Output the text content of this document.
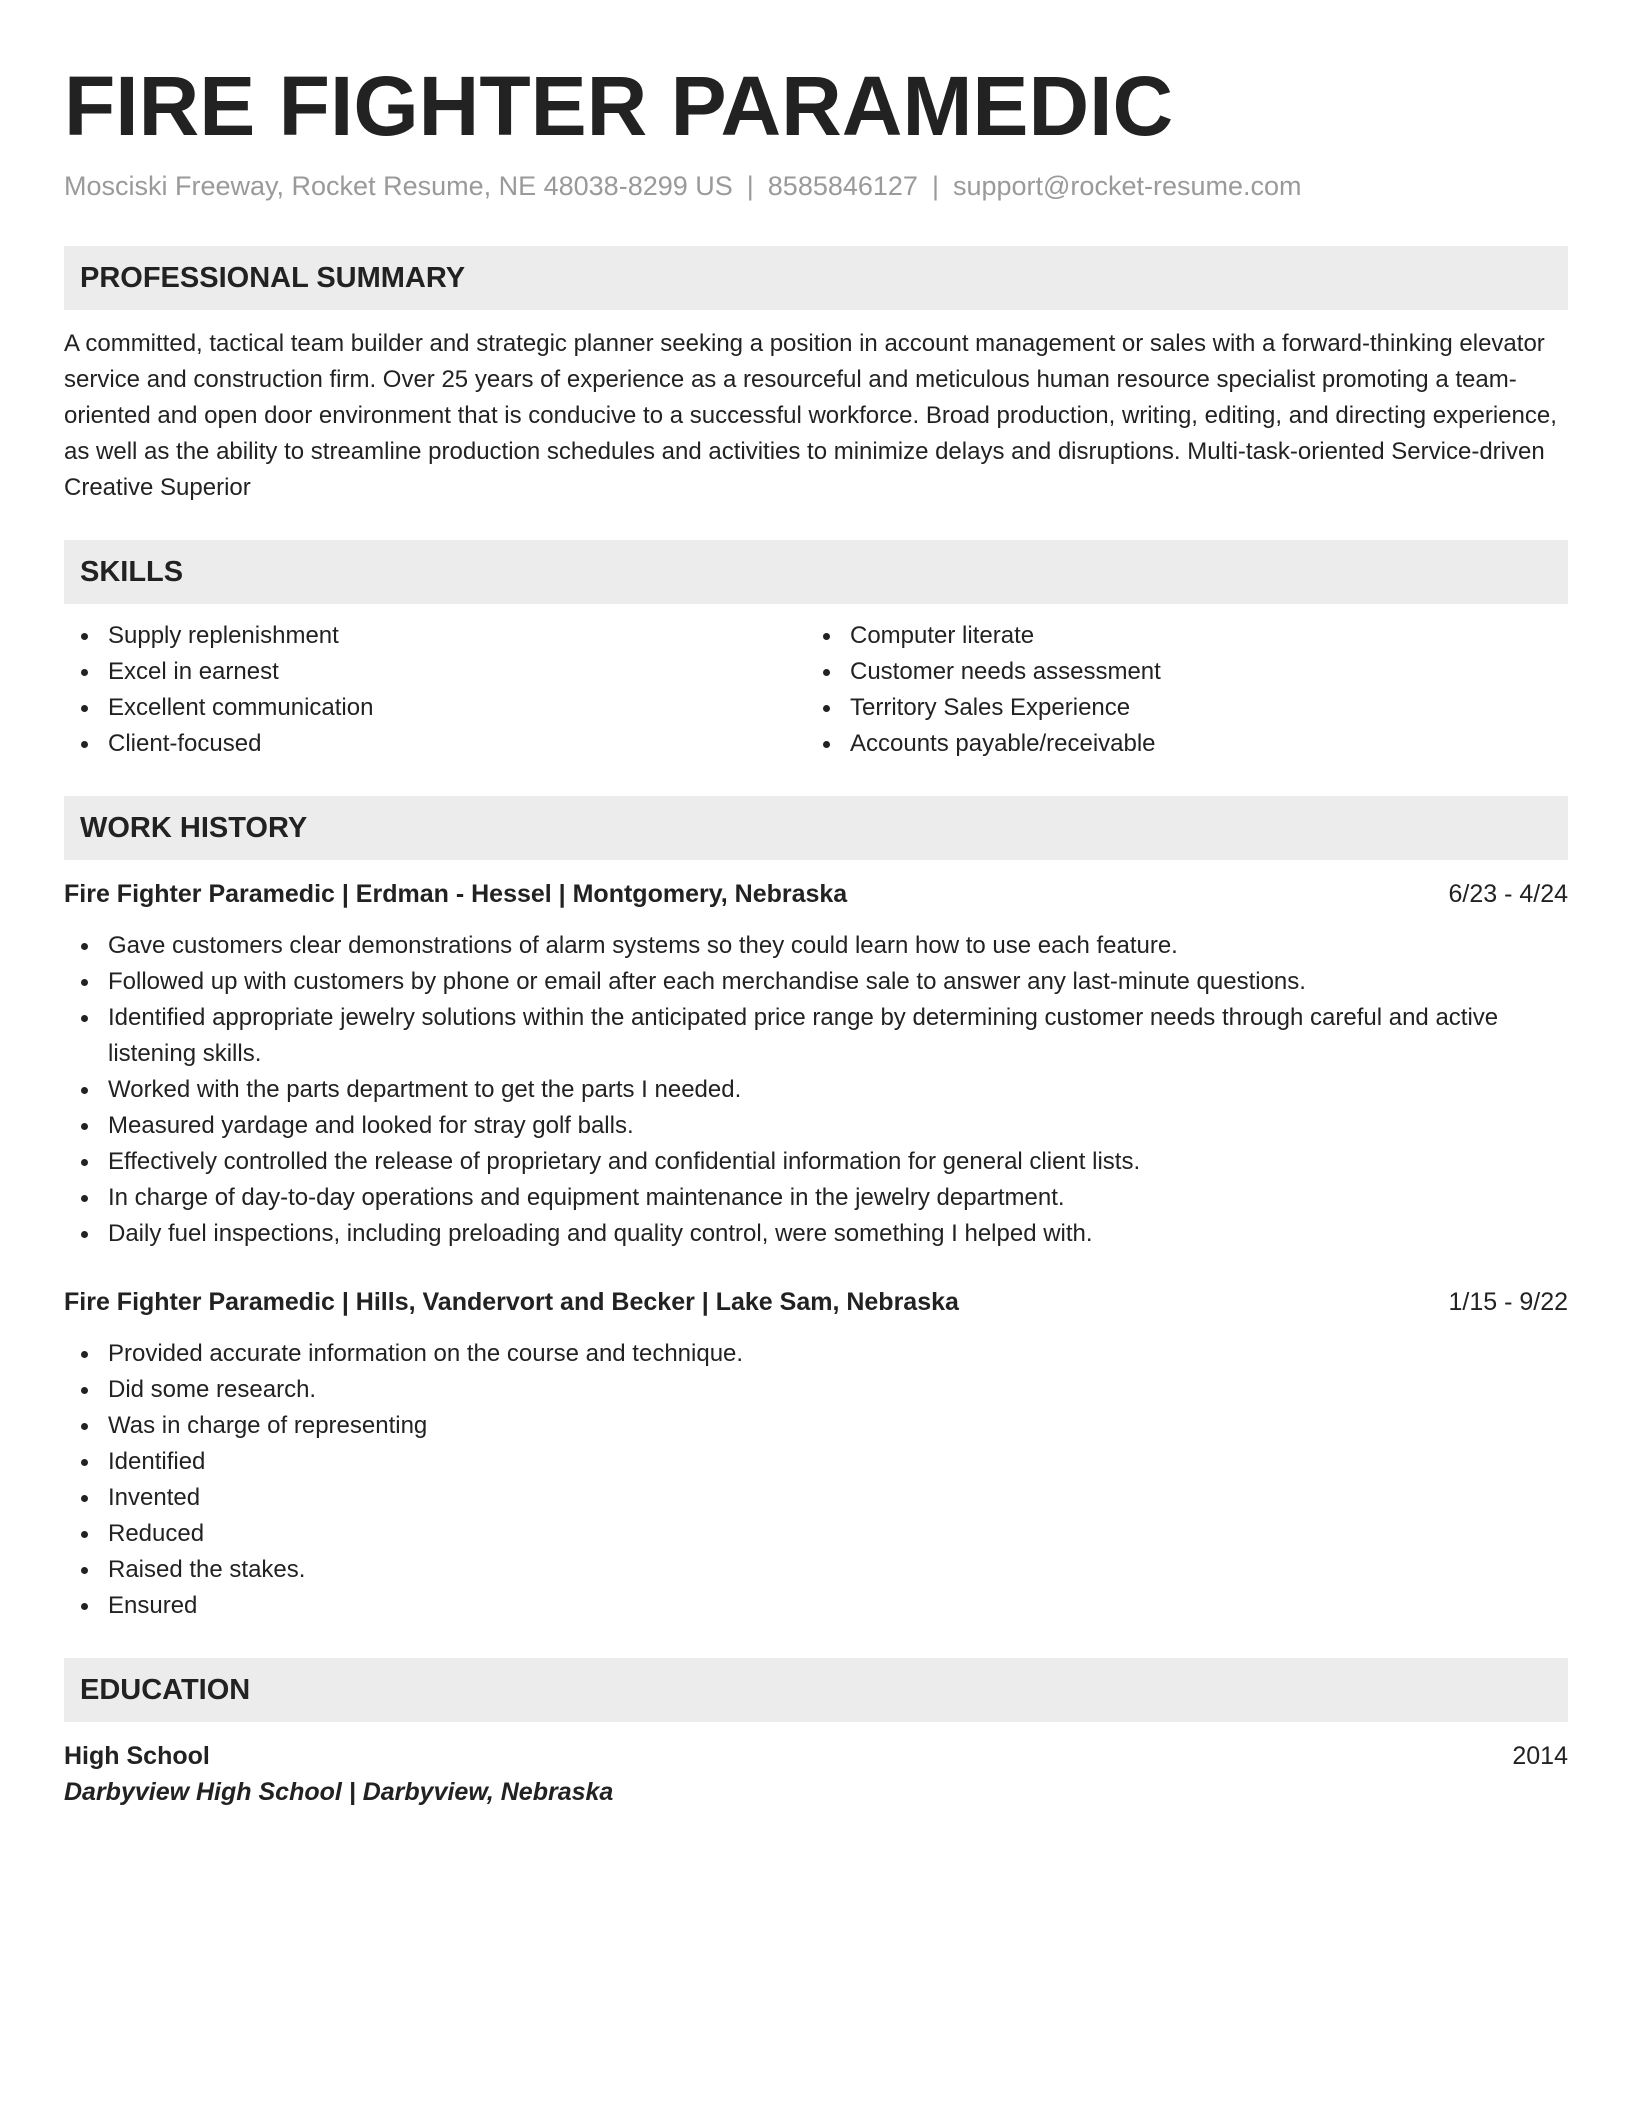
FIRE FIGHTER PARAMEDIC
Mosciski Freeway, Rocket Resume, NE 48038-8299 US | 8585846127 | support@rocket-resume.com
PROFESSIONAL SUMMARY

A committed, tactical team builder and strategic planner seeking a position in account management or sales with a forward-thinking elevator service and construction firm. Over 25 years of experience as a resourceful and meticulous human resource specialist promoting a team-oriented and open door environment that is conducive to a successful workforce. Broad production, writing, editing, and directing experience, as well as the ability to streamline production schedules and activities to minimize delays and disruptions. Multi-task-oriented Service-driven Creative Superior

SKILLS
Supply replenishment
Excel in earnest
Excellent communication
Client-focused
Computer literate
Customer needs assessment
Territory Sales Experience
Accounts payable/receivable
WORK HISTORY
Fire Fighter Paramedic | Erdman - Hessel | Montgomery, Nebraska	6/23 - 4/24
Gave customers clear demonstrations of alarm systems so they could learn how to use each feature.
Followed up with customers by phone or email after each merchandise sale to answer any last-minute questions.
Identified appropriate jewelry solutions within the anticipated price range by determining customer needs through careful and active listening skills.
Worked with the parts department to get the parts I needed.
Measured yardage and looked for stray golf balls.
Effectively controlled the release of proprietary and confidential information for general client lists.
In charge of day-to-day operations and equipment maintenance in the jewelry department.
Daily fuel inspections, including preloading and quality control, were something I helped with.
Fire Fighter Paramedic | Hills, Vandervort and Becker | Lake Sam, Nebraska	1/15 - 9/22
Provided accurate information on the course and technique.
Did some research.
Was in charge of representing
Identified
Invented
Reduced
Raised the stakes.
Ensured
EDUCATION
High School	2014
Darbyview High School | Darbyview, Nebraska
